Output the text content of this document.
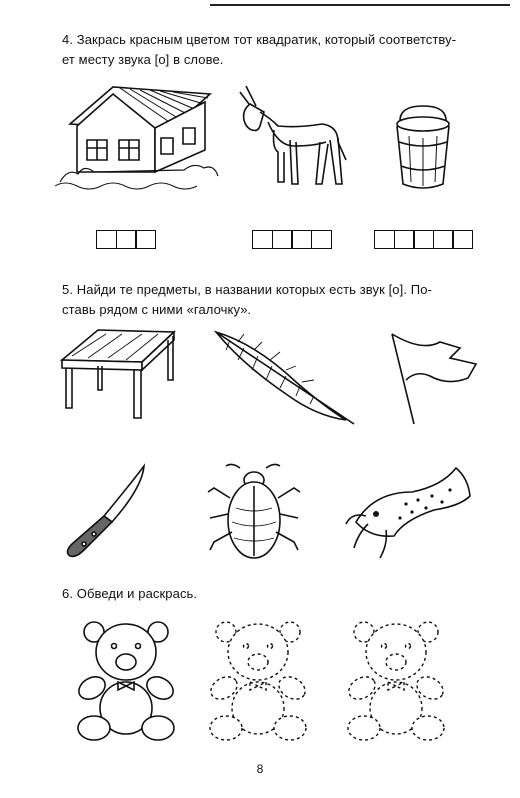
4. Закрась красным цветом тот квадратик, который соответству-
ет месту звука [о] в слове.
5. Найди те предметы, в названии которых есть звук [о]. По-
ставь рядом с ними «галочку».
6. Обведи и раскрась.
8
